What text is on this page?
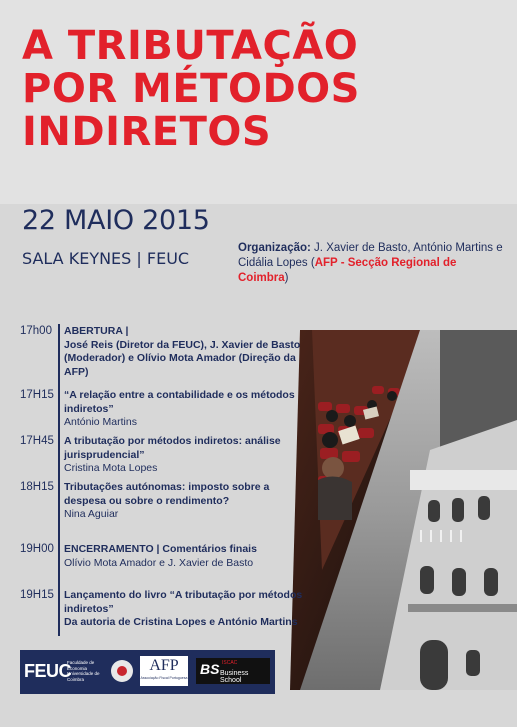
A TRIBUTAÇÃO
POR MÉTODOS
INDIRETOS
22 MAIO 2015
SALA KEYNES | FEUC
Organização: J. Xavier de Basto, António Martins e Cidália Lopes (AFP - Secção Regional de Coimbra)
17h00	ABERTURA |
José Reis (Diretor da FEUC), J. Xavier de Basto (Moderador) e Olívio Mota Amador (Direção da AFP)
17H15 “A relação entre a contabilidade e os métodos indiretos”
António Martins
17H45 A tributação por métodos indiretos: análise jurisprudencial”
Cristina Mota Lopes
18H15 Tributações autónomas: imposto sobre a despesa ou sobre o rendimento?
Nina Aguiar
19H00 ENCERRAMENTO | Comentários finais
Olívio Mota Amador e J. Xavier de Basto
19H15 Lançamento do livro “A tributação por métodos indiretos”
Da autoria de Cristina Lopes e António Martins
FEUC
Faculdade de Economia Universidade de Coimbra
AFP
Associação Fiscal Portuguesa
BS ISCAC
Business School
